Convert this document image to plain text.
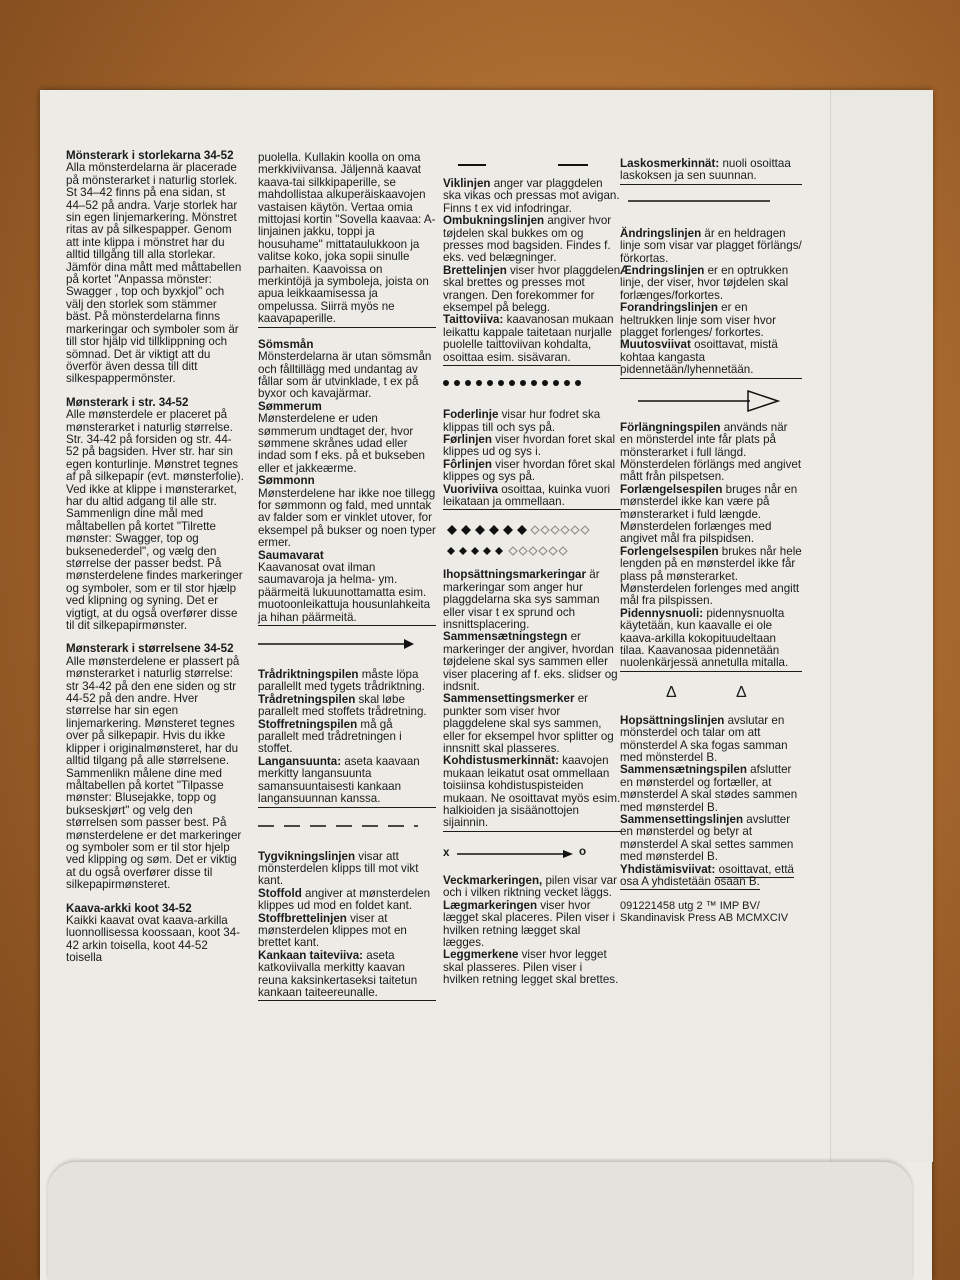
Mönsterark i storlekarna 34-52
Alla mönsterdelarna är placerade på mönsterarket i naturlig storlek. St 34–42 finns på ena sidan, st 44–52 på andra. Varje storlek har sin egen linjemarkering. Mönstret ritas av på silkespapper. Genom att inte klippa i mönstret har du alltid tillgång till alla storlekar. Jämför dina mått med måttabellen på kortet "Anpassa mönster: Swagger , top och byxkjol" och välj den storlek som stämmer bäst. På mönsterdelarna finns markeringar och symboler som är till stor hjälp vid tillklippning och sömnad. Det är viktigt att du överför även dessa till ditt silkespappermönster.
Mønsterark i str. 34-52
Alle mønsterdele er placeret på mønsterarket i naturlig størrelse. Str. 34-42 på forsiden og str. 44-52 på bagsiden. Hver str. har sin egen konturlinje. Mønstret tegnes af på silkepapir (evt. mønsterfolie). Ved ikke at klippe i mønsterarket, har du altid adgang til alle str. Sammenlign dine mål med måltabellen på kortet "Tilrette mønster: Swagger, top og buksenederdel", og vælg den størrelse der passer bedst. På mønsterdelene findes markeringer og symboler, som er til stor hjælp ved klipning og syning. Det er vigtigt, at du også overfører disse til dit silkepapirmønster.
Mønsterark i størrelsene 34-52
Alle mønsterdelene er plassert på mønsterarket i naturlig størrelse: str 34-42 på den ene siden og str 44-52 på den andre. Hver størrelse har sin egen linjemarkering. Mønsteret tegnes over på silkepapir. Hvis du ikke klipper i originalmønsteret, har du alltid tilgang på alle størrelsene. Sammenlikn målene dine med måltabellen på kortet "Tilpasse mønster: Blusejakke, topp og bukseskjørt" og velg den størrelsen som passer best. På mønsterdelene er det markeringer og symboler som er til stor hjelp ved klipping og søm. Det er viktig at du også overfører disse til silkepapirmønsteret.
Kaava-arkki koot 34-52
Kaikki kaavat ovat kaava-arkilla luonnollisessa koossaan, koot 34-42 arkin toisella, koot 44-52 toisella
puolella. Kullakin koolla on oma merkkiviivansa. Jäljennä kaavat kaava-tai silkkipaperille, se mahdollistaa alkuperäiskaavojen vastaisen käytön. Vertaa omia mittojasi kortin "Sovella kaavaa: A-linjainen jakku, toppi ja housuhame" mittataulukkoon ja valitse koko, joka sopii sinulle parhaiten. Kaavoissa on merkintöjä ja symboleja, joista on apua leikkaamisessa ja ompelussa. Siirrä myös ne kaavapaperille.
Sömsmån
Mönsterdelarna är utan sömsmån och fålltillägg med undantag av fållar som är utvinklade, t ex på byxor och kavajärmar.
Sømmerum
Mønsterdelene er uden sømmerum undtaget der, hvor sømmene skrånes udad eller indad som f eks. på et bukseben eller et jakkeærme.
Sømmonn
Mønsterdelene har ikke noe tillegg for sømmonn og fald, med unntak av falder som er vinklet utover, for eksempel på bukser og noen typer ermer.
Saumavarat
Kaavanosat ovat ilman saumavaroja ja helma- ym. päärmeitä lukuunottamatta esim. muotoonleikattuja housunlahkeita ja hihan päärmeitä.
Trådriktningspilen måste löpa parallellt med tygets trådriktning.
Trådretningspilen skal løbe parallelt med stoffets trådretning.
Stoffretningspilen må gå parallelt med trådretningen i stoffet.
Langansuunta: aseta kaavaan merkitty langansuunta samansuuntaisesti kankaan langansuunnan kanssa.
Tygvikningslinjen visar att mönsterdelen klipps till mot vikt kant.
Stoffold angiver at mønsterdelen klippes ud mod en foldet kant.
Stoffbrettelinjen viser at mønsterdelen klippes mot en brettet kant.
Kankaan taiteviiva: aseta katkoviivalla merkitty kaavan reuna kaksinkertaseksi taitetun kankaan taiteereunalle.
Viklinjen anger var plaggdelen ska vikas och pressas mot avigan. Finns t ex vid infodringar.
Ombukningslinjen angiver hvor tøjdelen skal bukkes om og presses mod bagsiden. Findes f. eks. ved belægninger.
Brettelinjen viser hvor plaggdelen skal brettes og presses mot vrangen. Den forekommer for eksempel på belegg.
Taittoviiva: kaavanosan mukaan leikattu kappale taitetaan nurjalle puolelle taittoviivan kohdalta, osoittaa esim. sisävaran.
Foderlinje visar hur fodret ska klippas till och sys på.
Førlinjen viser hvordan foret skal klippes ud og sys i.
Fôrlinjen viser hvordan fôret skal klippes og sys på.
Vuoriviiva osoittaa, kuinka vuori leikataan ja ommellaan.
Ihopsättningsmarkeringar är markeringar som anger hur plaggdelarna ska sys samman eller visar t ex sprund och insnittsplacering.
Sammensætningstegn er markeringer der angiver, hvordan tøjdelene skal sys sammen eller viser placering af f. eks. slidser og indsnit.
Sammensettingsmerker er punkter som viser hvor plaggdelene skal sys sammen, eller for eksempel hvor splitter og innsnitt skal plasseres.
Kohdistusmerkinnät: kaavojen mukaan leikatut osat ommellaan toisiinsa kohdistuspisteiden mukaan. Ne osoittavat myös esim. halkioiden ja sisäänottojen sijainnin.
x	o
Veckmarkeringen, pilen visar var och i vilken riktning vecket läggs.
Lægmarkeringen viser hvor lægget skal placeres. Pilen viser i hvilken retning lægget skal lægges.
Leggmerkene viser hvor legget skal plasseres. Pilen viser i hvilken retning legget skal brettes.
Laskosmerkinnät: nuoli osoittaa laskoksen ja sen suunnan.
Ändringslinjen är en heldragen linje som visar var plagget förlängs/ förkortas.
Ændringslinjen er en optrukken linje, der viser, hvor tøjdelen skal forlænges/forkortes.
Forandringslinjen er en heltrukken linje som viser hvor plagget forlenges/ forkortes.
Muutosviivat osoittavat, mistä kohtaa kangasta pidennetään/lyhennetään.
Förlängningspilen används när en mönsterdel inte får plats på mönsterarket i full längd. Mönsterdelen förlängs med angivet mått från pilspetsen.
Forlængelsespilen bruges når en mønsterdel ikke kan være på mønsterarket i fuld længde. Mønsterdelen forlænges med angivet mål fra pilspidsen.
Forlengelsespilen brukes når hele lengden på en mønsterdel ikke får plass på mønsterarket. Mønsterdelen forlenges med angitt mål fra pilspissen.
Pidennysnuoli: pidennysnuolta käytetään, kun kaavalle ei ole kaava-arkilla kokopituudeltaan tilaa. Kaavanosaa pidennetään nuolenkärjessä annetulla mitalla.
Δ	Δ
Hopsättningslinjen avslutar en mönsterdel och talar om att mönsterdel A ska fogas samman med mönsterdel B.
Sammensætningspilen afslutter en mønsterdel og fortæller, at mønsterdel A skal stødes sammen med mønsterdel B.
Sammensettingslinjen avslutter en mønsterdel og betyr at mønsterdel A skal settes sammen med mønsterdel B.
Yhdistämisviivat: osoittavat, että osa A yhdistetään osaan B.
091221458 utg 2 ™ IMP BV/
Skandinavisk Press AB MCMXCIV
